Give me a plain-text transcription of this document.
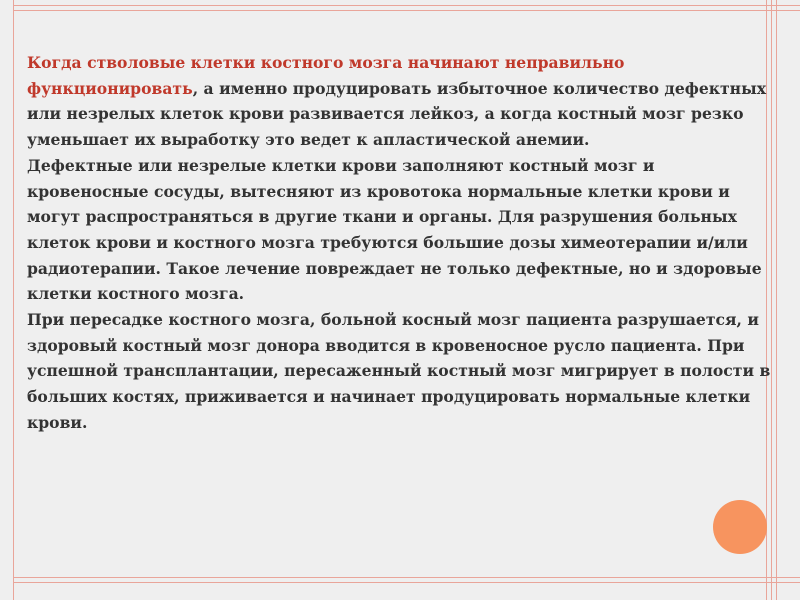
Когда стволовые клетки костного мозга начинают неправильно функционировать, а именно продуцировать избыточное количество дефектных или незрелых клеток крови развивается лейкоз, а когда костный мозг резко уменьшает их выработку это ведет к апластической анемии.

Дефектные или незрелые клетки крови заполняют костный мозг и кровеносные сосуды, вытесняют из кровотока нормальные клетки крови и могут распространяться в другие ткани и органы. Для разрушения больных клеток крови и костного мозга требуются большие дозы химеотерапии и/или радиотерапии. Такое лечение повреждает не только дефектные, но и здоровые клетки костного мозга.

При пересадке костного мозга, больной косный мозг пациента разрушается, и здоровый костный мозг донора вводится в кровеносное русло пациента. При успешной трансплантации, пересаженный костный мозг мигрирует в полости в больших костях, приживается и начинает продуцировать нормальные клетки крови.
